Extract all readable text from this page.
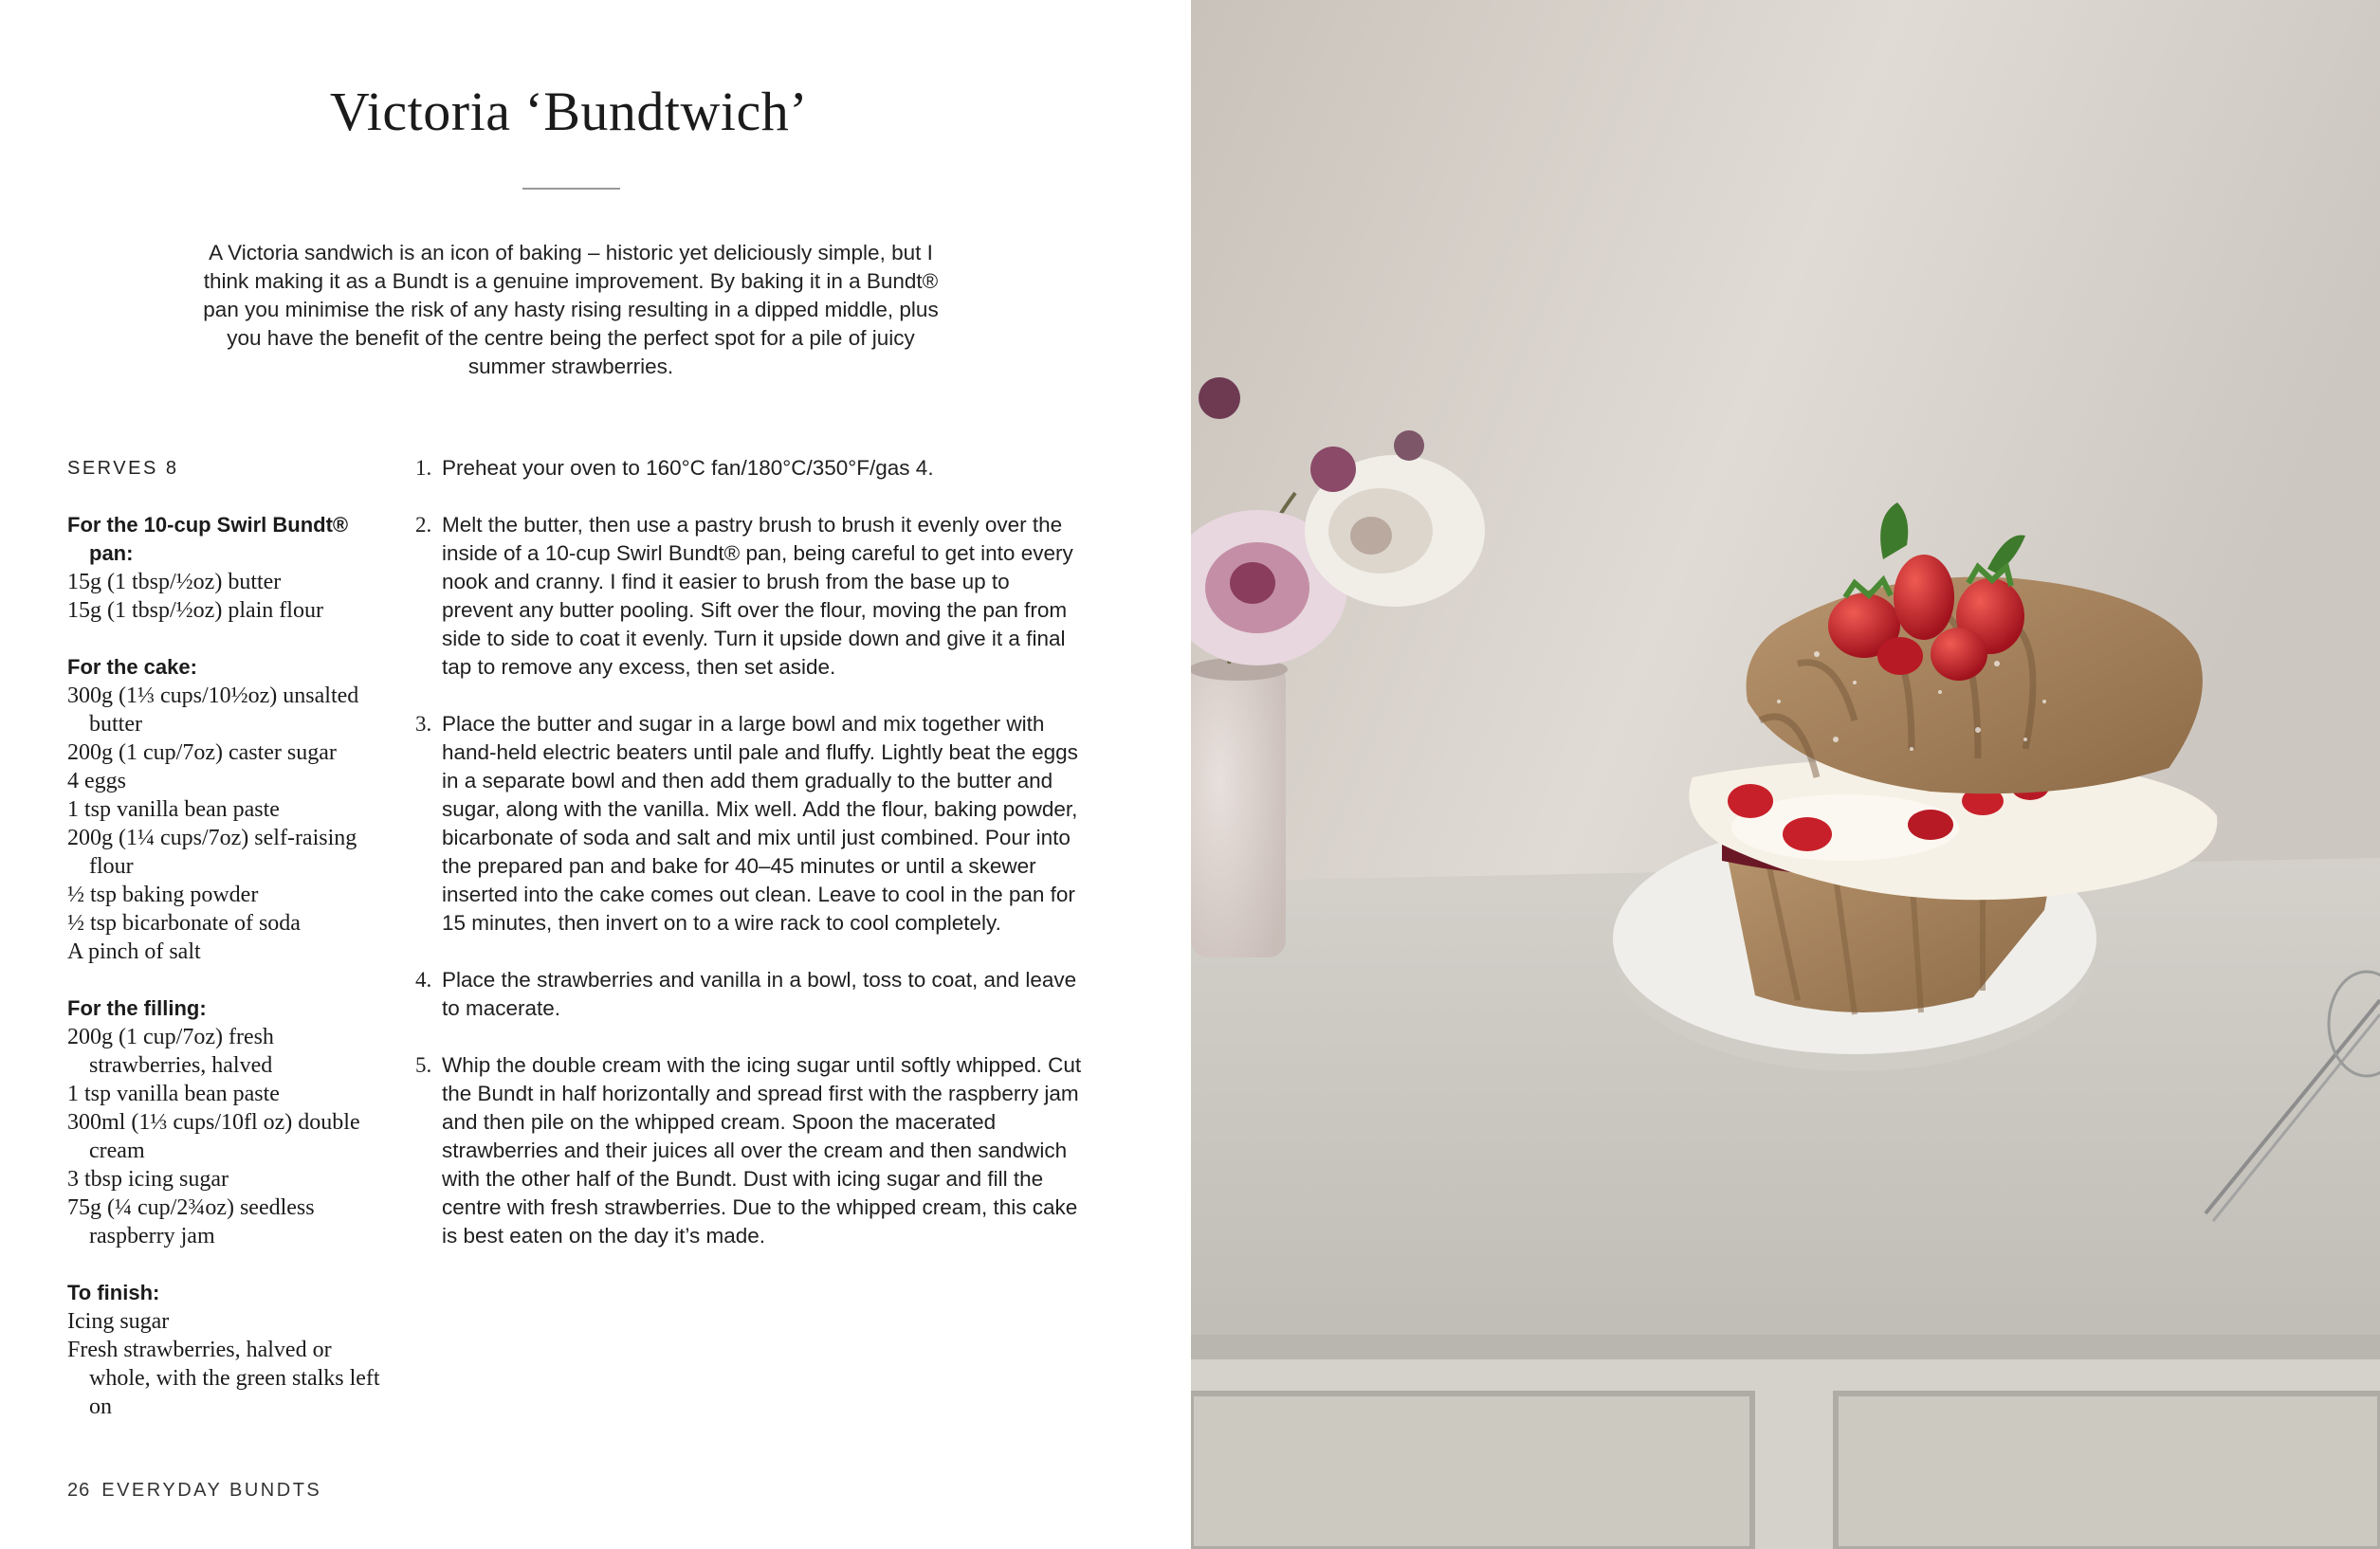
Victoria ‘Bundtwich’

A Victoria sandwich is an icon of baking – historic yet deliciously simple, but I think making it as a Bundt is a genuine improvement. By baking it in a Bundt® pan you minimise the risk of any hasty rising resulting in a dipped middle, plus you have the benefit of the centre being the perfect spot for a pile of juicy summer strawberries.

SERVES 8

For the 10-cup Swirl Bundt® pan:

15g (1 tbsp/½oz) butter

15g (1 tbsp/½oz) plain flour

For the cake:

300g (1⅓ cups/10½oz) unsalted butter

200g (1 cup/7oz) caster sugar

4 eggs

1 tsp vanilla bean paste

200g (1¼ cups/7oz) self-raising flour

½ tsp baking powder

½ tsp bicarbonate of soda

A pinch of salt

For the filling:

200g (1 cup/7oz) fresh strawberries, halved

1 tsp vanilla bean paste

300ml (1⅓ cups/10fl oz) double cream

3 tbsp icing sugar

75g (¼ cup/2¾oz) seedless raspberry jam

To finish:

Icing sugar

Fresh strawberries, halved or whole, with the green stalks left on

1. Preheat your oven to 160°C fan/180°C/350°F/gas 4.
2. Melt the butter, then use a pastry brush to brush it evenly over the inside of a 10-cup Swirl Bundt® pan, being careful to get into every nook and cranny. I find it easier to brush from the base up to prevent any butter pooling. Sift over the flour, moving the pan from side to side to coat it evenly. Turn it upside down and give it a final tap to remove any excess, then set aside.
3. Place the butter and sugar in a large bowl and mix together with hand-held electric beaters until pale and fluffy. Lightly beat the eggs in a separate bowl and then add them gradually to the butter and sugar, along with the vanilla. Mix well. Add the flour, baking powder, bicarbonate of soda and salt and mix until just combined. Pour into the prepared pan and bake for 40–45 minutes or until a skewer inserted into the cake comes out clean. Leave to cool in the pan for 15 minutes, then invert on to a wire rack to cool completely.
4. Place the strawberries and vanilla in a bowl, toss to coat, and leave to macerate.
5. Whip the double cream with the icing sugar until softly whipped. Cut the Bundt in half horizontally and spread first with the raspberry jam and then pile on the whipped cream. Spoon the macerated strawberries and their juices all over the cream and then sandwich with the other half of the Bundt. Dust with icing sugar and fill the centre with fresh strawberries. Due to the whipped cream, this cake is best eaten on the day it’s made.
26 EVERYDAY BUNDTS
